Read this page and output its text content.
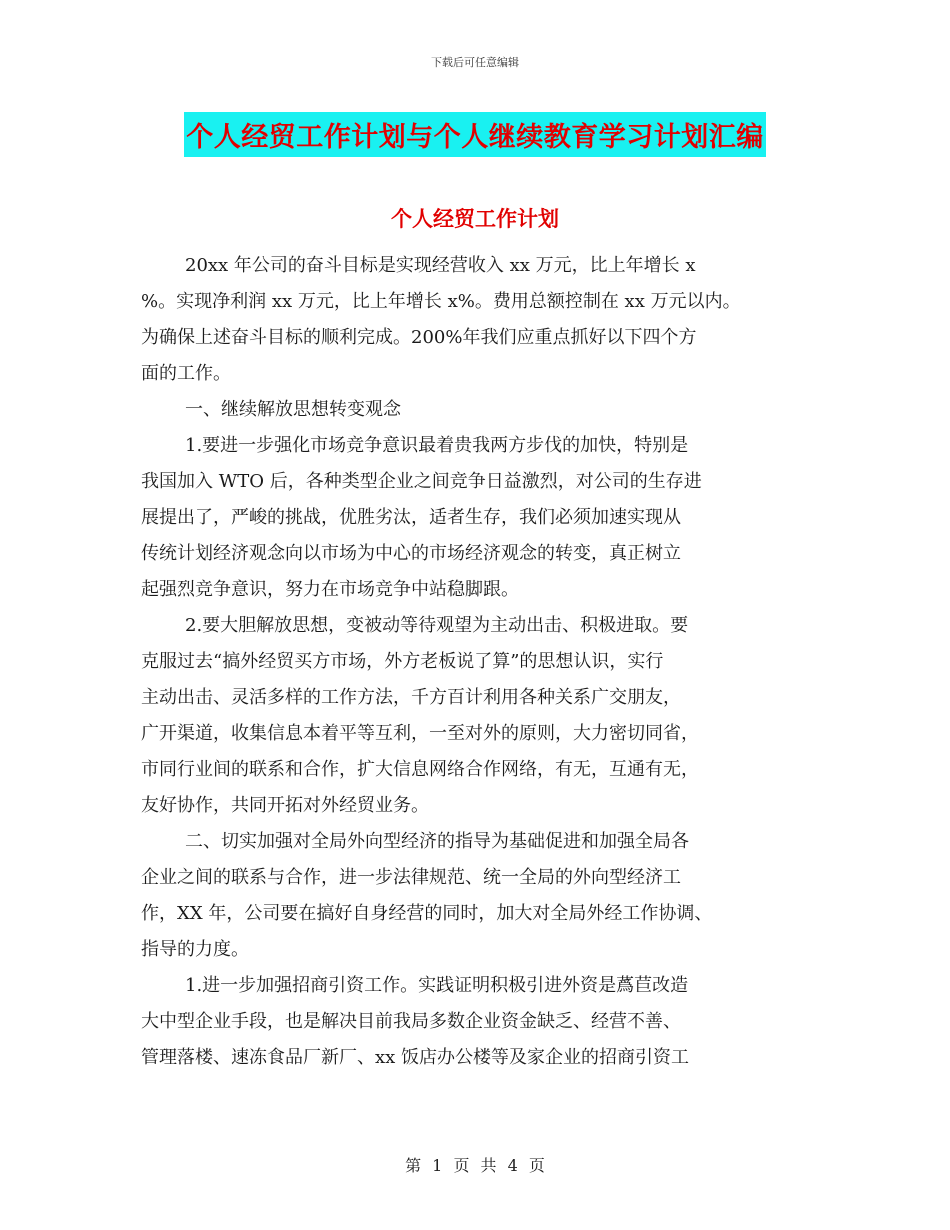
下载后可任意编辑
个人经贸工作计划与个人继续教育学习计划汇编
个人经贸工作计划
20xx 年公司的奋斗目标是实现经营收入 xx 万元，比上年增长 x
%。实现净利润 xx 万元，比上年增长 x%。费用总额控制在 xx 万元以内。
为确保上述奋斗目标的顺利完成。200%年我们应重点抓好以下四个方
面的工作。
一、继续解放思想转变观念
1.要进一步强化市场竞争意识最着贵我两方步伐的加快，特别是
我国加入 WTO 后，各种类型企业之间竞争日益激烈，对公司的生存进
展提出了，严峻的挑战，优胜劣汰，适者生存，我们必须加速实现从
传统计划经济观念向以市场为中心的市场经济观念的转变，真正树立
起强烈竞争意识，努力在市场竞争中站稳脚跟。
2.要大胆解放思想，变被动等待观望为主动出击、积极进取。要
克服过去“搞外经贸买方市场，外方老板说了算”的思想认识，实行
主动出击、灵活多样的工作方法，千方百计利用各种关系广交朋友，
广开渠道，收集信息本着平等互利，一至对外的原则，大力密切同省，
市同行业间的联系和合作，扩大信息网络合作网络，有无，互通有无，
友好协作，共同开拓对外经贸业务。
二、切实加强对全局外向型经济的指导为基础促进和加强全局各
企业之间的联系与合作，进一步法律规范、统一全局的外向型经济工
作，XX 年，公司要在搞好自身经营的同时，加大对全局外经工作协调、
指导的力度。
1.进一步加强招商引资工作。实践证明积极引进外资是蔿苣改造
大中型企业手段，也是解决目前我局多数企业资金缺乏、经营不善、
管理落楼、速冻食品厂新厂、xx 饭店办公楼等及家企业的招商引资工
第 1 页 共 4 页
